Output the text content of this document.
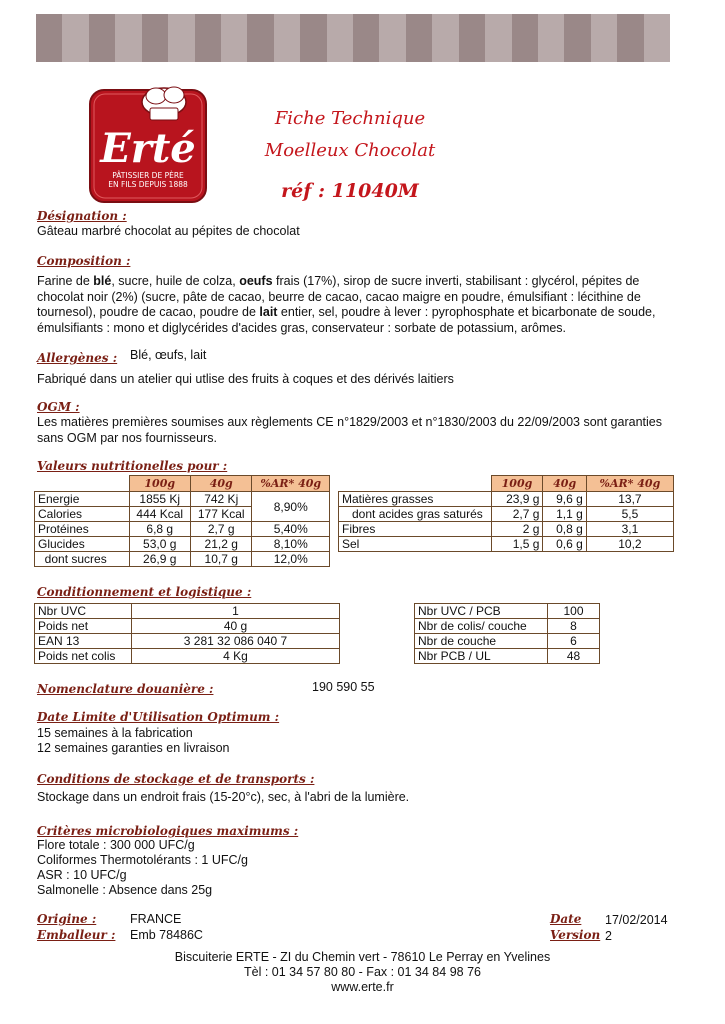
Erté
PÂTISSIER DE PÈRE
EN FILS DEPUIS 1888
Fiche Technique
Moelleux Chocolat
réf : 11040M
Désignation :
Gâteau marbré chocolat au pépites de chocolat
Composition :
Farine de blé, sucre, huile de colza, oeufs frais (17%), sirop de sucre inverti, stabilisant : glycérol, pépites de chocolat noir (2%) (sucre, pâte de cacao, beurre de cacao, cacao maigre en poudre, émulsifiant : lécithine de tournesol), poudre de cacao, poudre de lait entier, sel, poudre à lever : pyrophosphate et bicarbonate de soude, émulsifiants : mono et diglycérides d'acides gras, conservateur : sorbate de potassium, arômes.
Allergènes : Blé, œufs, lait
Fabriqué dans un atelier qui utlise des fruits à coques et des dérivés laitiers
OGM :
Les matières premières soumises aux règlements CE n°1829/2003 et n°1830/2003 du 22/09/2003 sont garanties sans OGM par nos fournisseurs.
Valeurs nutritionelles pour :
	100g	40g	%AR* 40g
Energie	1855 Kj	742 Kj	8,90%
Calories	444 Kcal	177 Kcal	
Protéines	6,8 g	2,7 g	5,40%
Glucides	53,0 g	21,2 g	8,10%
dont sucres	26,9 g	10,7 g	12,0%
	100g	40g	%AR* 40g
Matières grasses	23,9 g	9,6 g	13,7
dont acides gras saturés	2,7 g	1,1 g	5,5
Fibres	2 g	0,8 g	3,1
Sel	1,5 g	0,6 g	10,2
Conditionnement et logistique :
Nbr UVC	1
Poids net	40 g
EAN 13	3 281 32 086 040 7
Poids net colis	4 Kg
Nbr UVC / PCB	100
Nbr de colis/ couche	8
Nbr de couche	6
Nbr PCB / UL	48
Nomenclature douanière :	190 590 55
Date Limite d'Utilisation Optimum :
15 semaines à la fabrication
12 semaines garanties en livraison
Conditions de stockage et de transports :
Stockage dans un endroit frais (15-20°c), sec, à l'abri de la lumière.
Critères microbiologiques maximums :
Flore totale : 300 000 UFC/g
Coliformes Thermotolérants : 1 UFC/g
ASR : 10 UFC/g
Salmonelle : Absence dans 25g
Origine :	FRANCE
Emballeur : Emb 78486C
Date 17/02/2014
Version 2
Biscuiterie ERTE - ZI du Chemin vert - 78610 Le Perray en Yvelines
Tèl : 01 34 57 80 80 - Fax : 01 34 84 98 76
www.erte.fr
